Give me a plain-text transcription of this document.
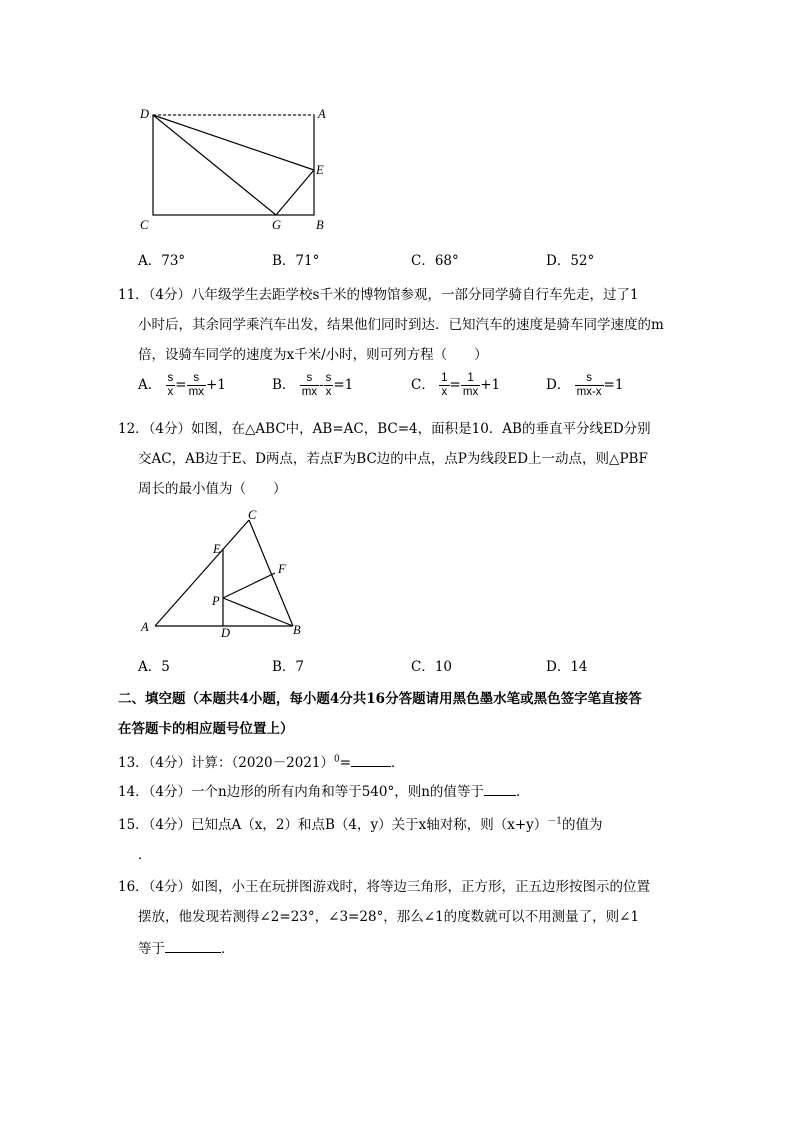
D	A
E
C	G	B
A．73°	B．71°	C．68°	D．52°
11．（4分）八年级学生去距学校s千米的博物馆参观，一部分同学骑自行车先走，过了1
小时后，其余同学乘汽车出发，结果他们同时到达．已知汽车的速度是骑车同学速度的m
倍，设骑车同学的速度为x千米/小时，则可列方程（　　）
A． $\frac{s}{x} = \frac{s}{mx} +1$	B． $\frac{s}{mx} - \frac{s}{x} =1$	C． $\frac{1}{x} = \frac{1}{mx} +1$	D． $\frac{s}{mx-x} =1$
12．（4分）如图，在△ABC中，AB=AC，BC=4，面积是10．AB的垂直平分线ED分别
交AC，AB边于E、D两点，若点F为BC边的中点，点P为线段ED上一动点，则△PBF
周长的最小值为（　　）
C
E
F
P
A	D	B
A．5	B．7	C．10	D．14
二、填空题（本题共4小题，每小题4分共16分答题请用黑色墨水笔或黑色签字笔直接答
在答题卡的相应题号位置上）
13．（4分）计算：$(2020-2021)^0=$	．
14．（4分）一个n边形的所有内角和等于540°，则n的值等于 ．
15．（4分）已知点A（x，2）和点B（4，y）关于x轴对称，则$(x+y)^{-1}$的值为
．
16．（4分）如图，小王在玩拼图游戏时，将等边三角形，正方形，正五边形按图示的位置
摆放，他发现若测得∠2=23°，∠3=28°，那么∠1的度数就可以不用测量了，则∠1
等于	．
